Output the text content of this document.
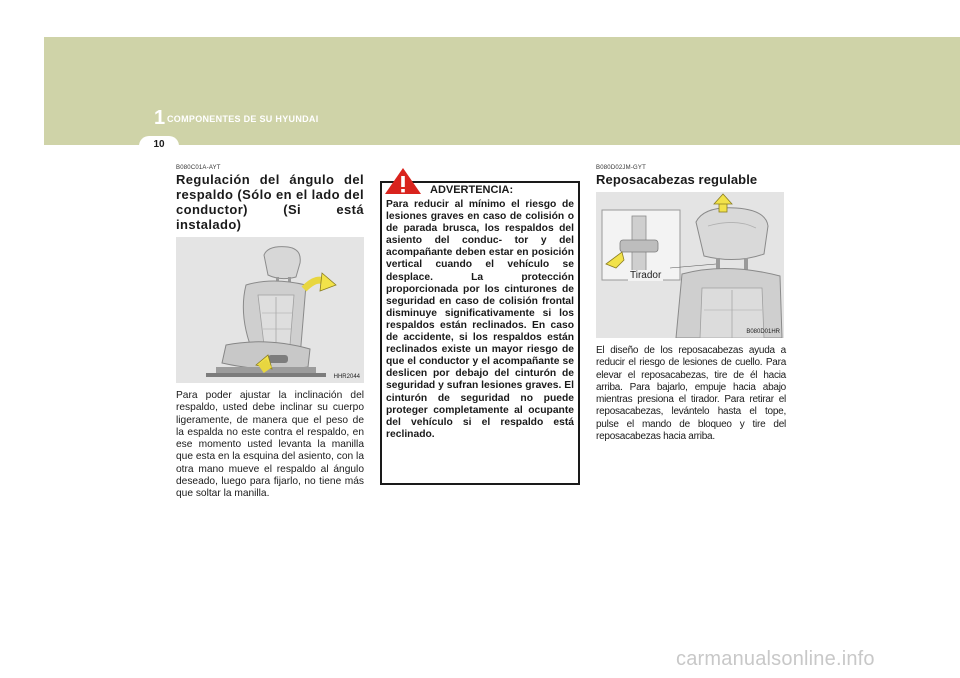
1 COMPONENTES DE SU HYUNDAI
10
B080C01A-AYT
Regulación del ángulo del respaldo (Sólo en el lado del conductor) (Si está instalado)
HHR2044
Para poder ajustar la inclinación del respaldo, usted debe inclinar su cuerpo ligeramente, de manera que el peso de la espalda no este contra el respaldo, en ese momento usted levanta la manilla que esta en la esquina del asiento, con la otra mano mueve el respaldo al ángulo deseado, luego para fijarlo, no tiene más que soltar la manilla.
ADVERTENCIA:
Para reducir al mínimo el riesgo de lesiones graves en caso de colisión o de parada brusca, los respaldos del asiento del conduc- tor y del acompañante deben estar en posición vertical cuando el vehículo se desplace. La protección proporcionada por los cinturones de seguridad en caso de colisión frontal disminuye significativamente si los respaldos están reclinados. En caso de accidente, si los respaldos están reclinados existe un mayor riesgo de que el conductor y el acompañante se deslicen por debajo del cinturón de seguridad y sufran lesiones graves. El cinturón de seguridad no puede proteger completamente al ocupante del vehículo si el respaldo está reclinado.
B080D02JM-GYT
Reposacabezas regulable
Tirador
B080D01HR
El diseño de los reposacabezas ayuda a reducir el riesgo de lesiones de cuello. Para elevar el reposacabezas, tire de él hacia arriba. Para bajarlo, empuje hacia abajo mientras presiona el tirador. Para retirar el reposacabezas, levántelo hasta el tope, pulse el mando de bloqueo y tire del reposacabezas hacia arriba.
carmanualsonline.info
